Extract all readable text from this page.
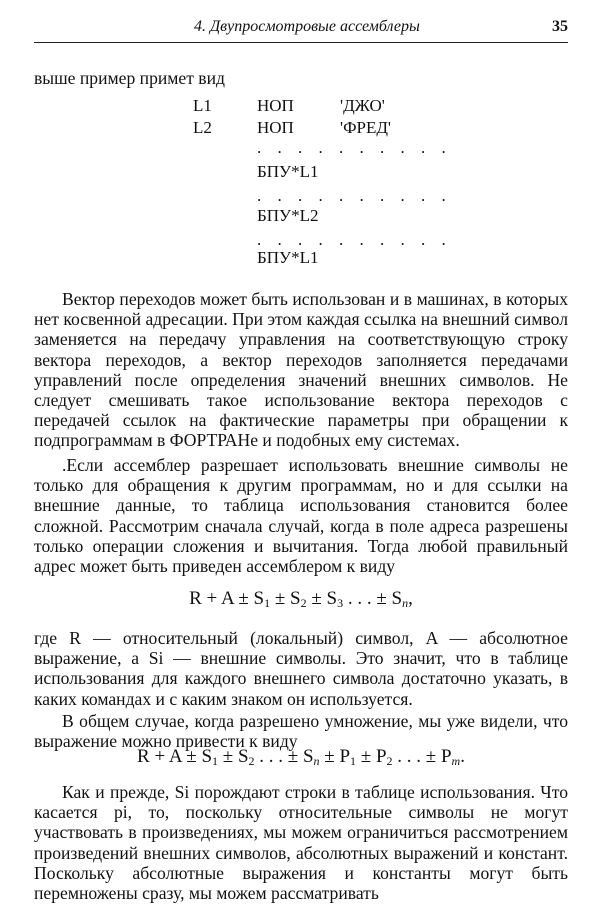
4. Двупросмотровые ассемблеры	35

выше пример примет вид

L1	НОП	'ДЖО'
L2	НОП	'ФРЕД'
. . . . . . . . . .
БПУ*L1
. . . . . . . . . .
БПУ*L2
. . . . . . . . . .
БПУ*L1

Вектор переходов может быть использован и в машинах, в которых нет косвенной адресации. При этом каждая ссылка на внешний символ заменяется на передачу управления на соответствующую строку вектора переходов, а вектор переходов заполняется передачами управлений после определения значений внешних символов. Не следует смешивать такое использование вектора переходов с передачей ссылок на фактические параметры при обращении к подпрограммам в ФОРТРАНе и подобных ему системах.

.Если ассемблер разрешает использовать внешние символы не только для обращения к другим программам, но и для ссылки на внешние данные, то таблица использования становится более сложной. Рассмотрим сначала случай, когда в поле адреса разрешены только операции сложения и вычитания. Тогда любой правильный адрес может быть приведен ассемблером к виду

$R + A \pm S_1 \pm S_2 \pm S_3$ . . . ± $S_n$,

где R — относительный (локальный) символ, A — абсолютное выражение, а Si — внешние символы. Это значит, что в таблице использования для каждого внешнего символа достаточно указать, в каких командах и с каким знаком он используется.

В общем случае, когда разрешено умножение, мы уже видели, что выражение можно привести к виду

$R + A \pm S_1 \pm S_2$ . . . ± $S_n \pm P_1 \pm P_2$ . . . ± $P_m$.

Как и прежде, Si порождают строки в таблице использования. Что касается pi, то, поскольку относительные символы не могут участвовать в произведениях, мы можем ограничиться рассмотрением произведений внешних символов, абсолютных выражений и констант. Поскольку абсолютные выражения и константы могут быть перемножены сразу, мы можем рассматривать
